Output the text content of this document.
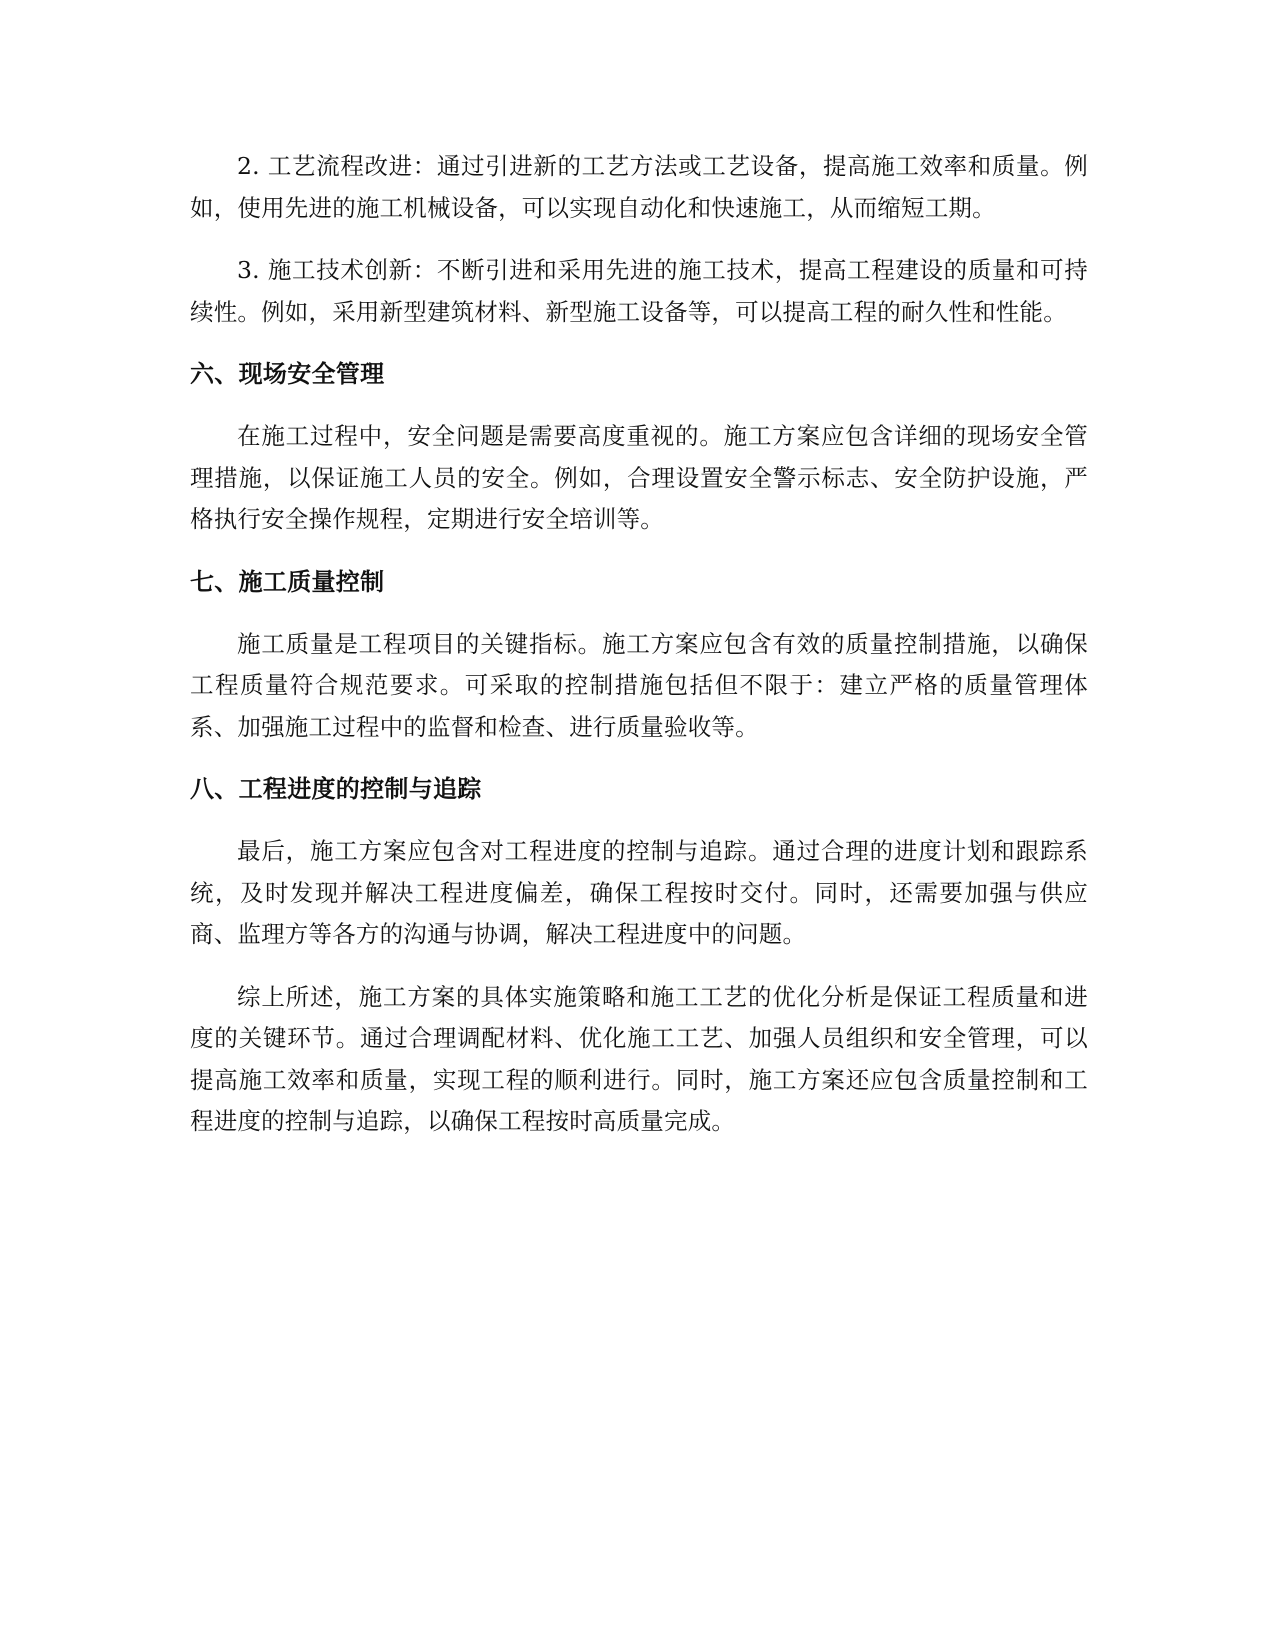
2. 工艺流程改进：通过引进新的工艺方法或工艺设备，提高施工效率和质量。例如，使用先进的施工机械设备，可以实现自动化和快速施工，从而缩短工期。

3. 施工技术创新：不断引进和采用先进的施工技术，提高工程建设的质量和可持续性。例如，采用新型建筑材料、新型施工设备等，可以提高工程的耐久性和性能。

六、现场安全管理

在施工过程中，安全问题是需要高度重视的。施工方案应包含详细的现场安全管理措施，以保证施工人员的安全。例如，合理设置安全警示标志、安全防护设施，严格执行安全操作规程，定期进行安全培训等。

七、施工质量控制

施工质量是工程项目的关键指标。施工方案应包含有效的质量控制措施，以确保工程质量符合规范要求。可采取的控制措施包括但不限于：建立严格的质量管理体系、加强施工过程中的监督和检查、进行质量验收等。

八、工程进度的控制与追踪

最后，施工方案应包含对工程进度的控制与追踪。通过合理的进度计划和跟踪系统，及时发现并解决工程进度偏差，确保工程按时交付。同时，还需要加强与供应商、监理方等各方的沟通与协调，解决工程进度中的问题。

综上所述，施工方案的具体实施策略和施工工艺的优化分析是保证工程质量和进度的关键环节。通过合理调配材料、优化施工工艺、加强人员组织和安全管理，可以提高施工效率和质量，实现工程的顺利进行。同时，施工方案还应包含质量控制和工程进度的控制与追踪，以确保工程按时高质量完成。
